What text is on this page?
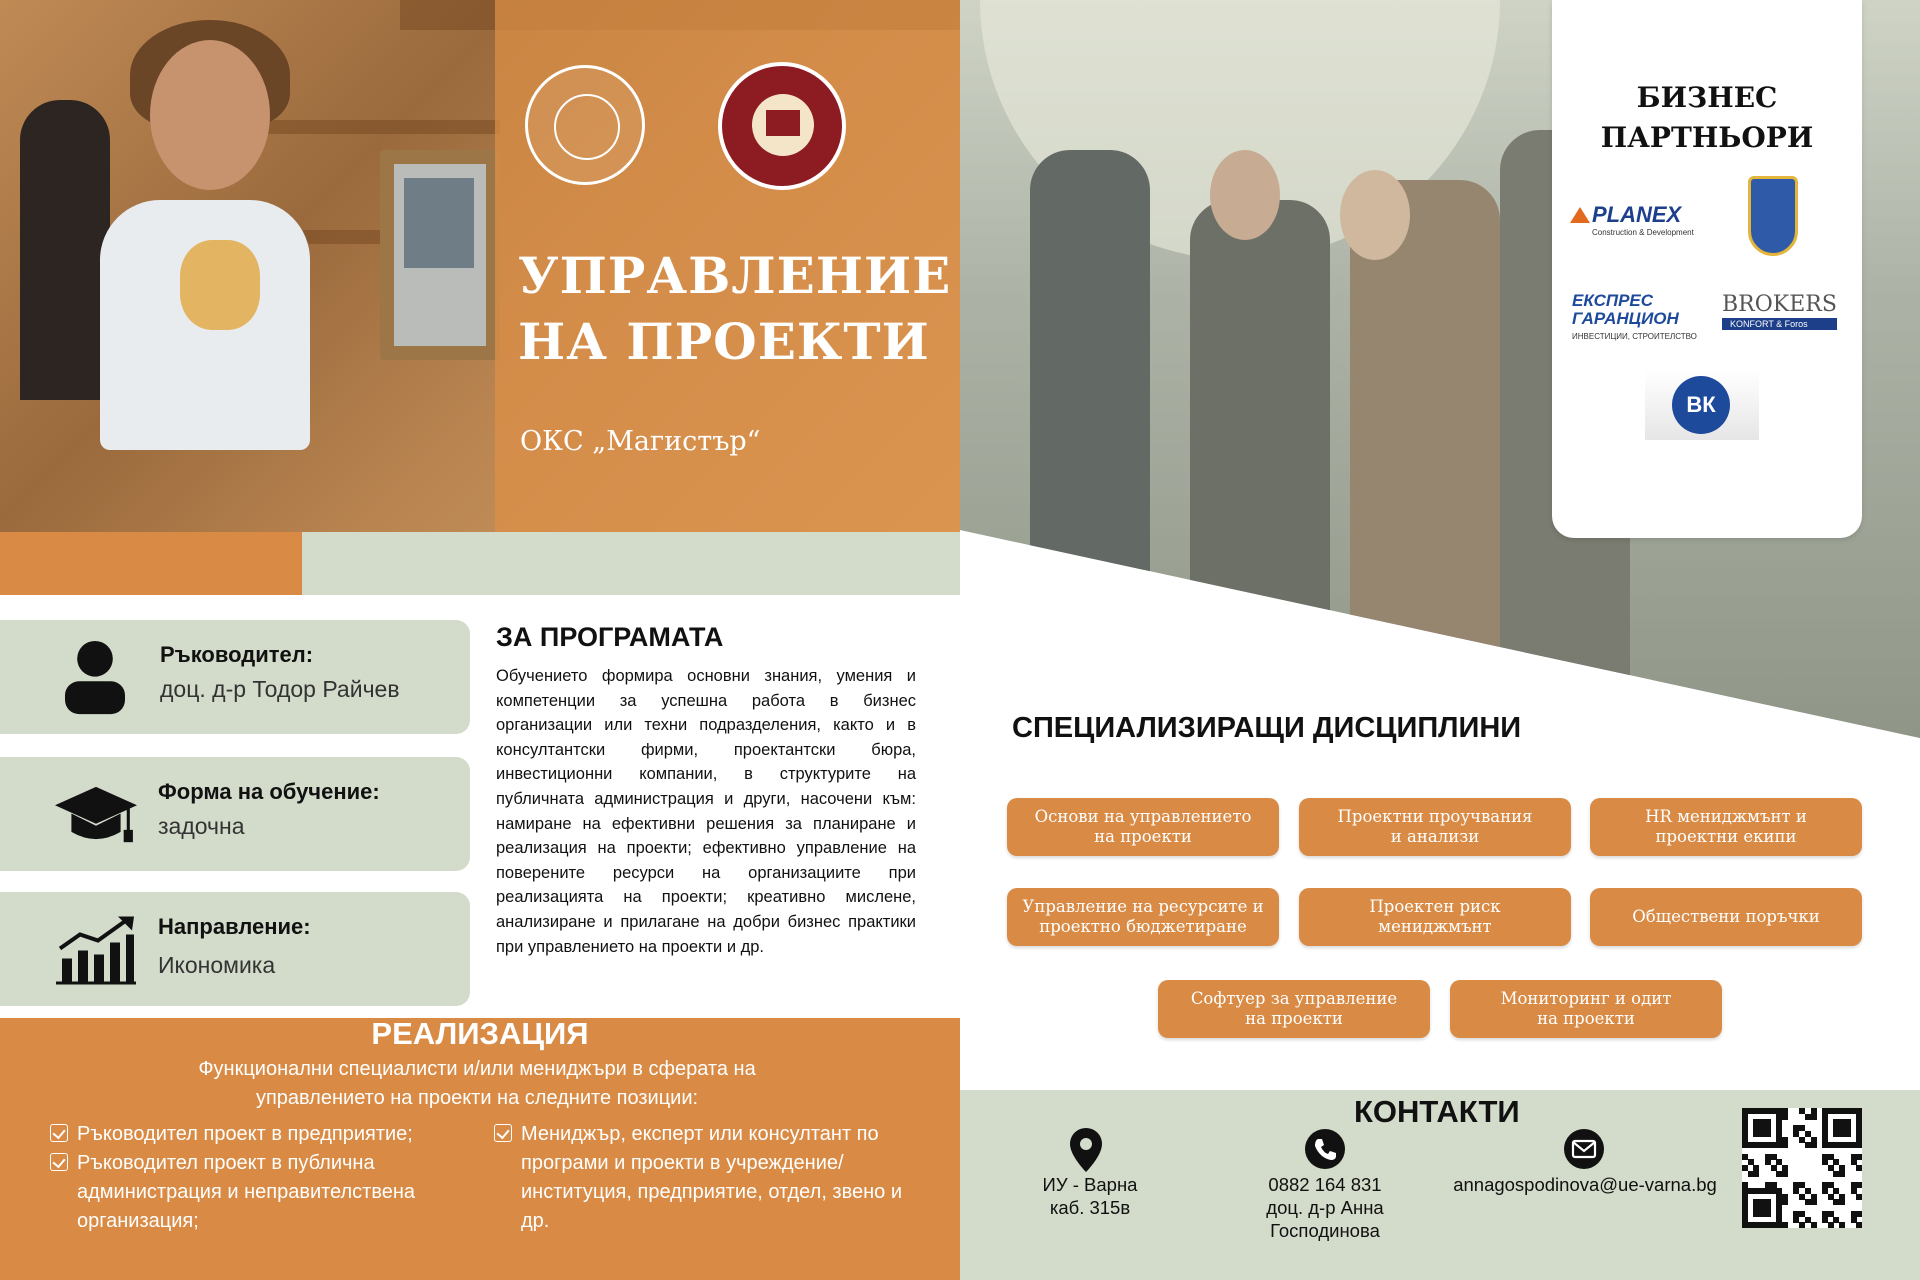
УПРАВЛЕНИЕ
НА ПРОЕКТИ
ОКС „Магистър“
Ръководител:
доц. д-р Тодор Райчев
Форма на обучение:
задочна
Направление:
Икономика
ЗА ПРОГРАМАТА
Обучението формира основни знания, умения и компетенции за успешна работа в бизнес организации или техни подразделения, както и в консултантски фирми, проектантски бюра, инвестиционни компании, в структурите на публичната администрация и други, насочени към: намиране на ефективни решения за планиране и реализация на проекти; ефективно управление на поверените ресурси на организациите при реализацията на проекти; креативно мислене, анализиране и прилагане на добри бизнес практики при управлението на проекти и др.
РЕАЛИЗАЦИЯ
Функционални специалисти и/или мениджъри в сферата на управлението на проекти на следните позиции:
Ръководител проект в предприятие;
Ръководител проект в публична администрация и неправителствена организация;
Мениджър, експерт или консултант по програми и проекти в учреждение/ институция, предприятие, отдел, звено и др.
БИЗНЕС ПАРТНЬОРИ
PLANEX
Construction & Development
ЕКСПРЕС ГАРАНЦИОН
ИНВЕСТИЦИИ, СТРОИТЕЛСТВО
BROKERS
KONFORT & Foros
ВК
СПЕЦИАЛИЗИРАЩИ ДИСЦИПЛИНИ
Основи на управлението
на проекти
Проектни проучвания
и анализи
HR мениджмънт и
проектни екипи
Управление на ресурсите и
проектно бюджетиране
Проектен риск
мениджмънт
Обществени поръчки
Софтуер за управление
на проекти
Мониторинг и одит
на проекти
КОНТАКТИ
ИУ - Варна
каб. 315в
0882 164 831
доц. д-р Анна
Господинова
annagospodinova@ue-varna.bg
